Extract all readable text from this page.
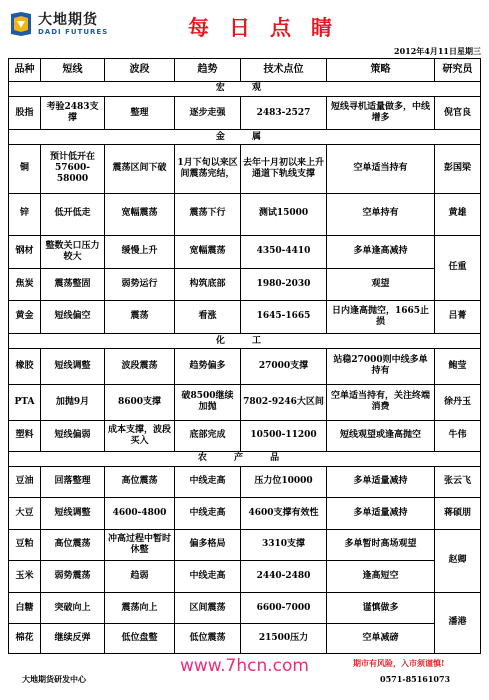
大地期货
DADI FUTURES	每日点睛
2012年4月11日星期三
品种	短线	波段	趋势	技术点位	策略	研究员
宏 观						
股指	考验2483支撑	整理	逐步走强	2483-2527	短线寻机适量做多，中线增多	倪官良
金 属						
铜	预计低开在57600-58000	震荡区间下破	1月下旬以来区间震荡完结，	去年十月初以来上升通道下轨线支撑	空单适当持有	彭国梁
锌	低开低走	宽幅震荡	震荡下行	测试15000	空单持有	黄雄
钢材	整数关口压力较大	缓慢上升	宽幅震荡	4350-4410	多单逢高减持	任重
焦炭	震荡整固	弱势运行	构筑底部	1980-2030	观望	
黄金	短线偏空	震荡	看涨	1645-1665	日内逢高抛空，1665止损	吕菁
化 工						
橡胶	短线调整	波段震荡	趋势偏多	27000支撑	站稳27000则中线多单持有	鲍莹
PTA	加抛9月	8600支撑	破8500继续加抛	7802-9246大区间	空单适当持有，关注终端消费	徐丹玉
塑料	短线偏弱	成本支撑，波段买入	底部完成	10500-11200	短线观望或逢高抛空	牛伟
农 产 品						
豆油	回落整理	高位震荡	中线走高	压力位10000	多单适量减持	张云飞
大豆	短线调整	4600-4800	中线走高	4600支撑有效性	多单适量减持	蒋硕朋
豆粕	高位震荡	冲高过程中暂时休整	偏多格局	3310支撑	多单暂时高场观望	赵卿
玉米	弱势震荡	趋弱	中线走高	2440-2480	逢高短空	
白糖	突破向上	震荡向上	区间震荡	6600-7000	谨慎做多	潘港
棉花	继续反弹	低位盘整	低位震荡	21500压力	空单减磅	
www.7hcn.com	期市有风险，入市须谨慎!
大地期货研发中心	0571-85161073
